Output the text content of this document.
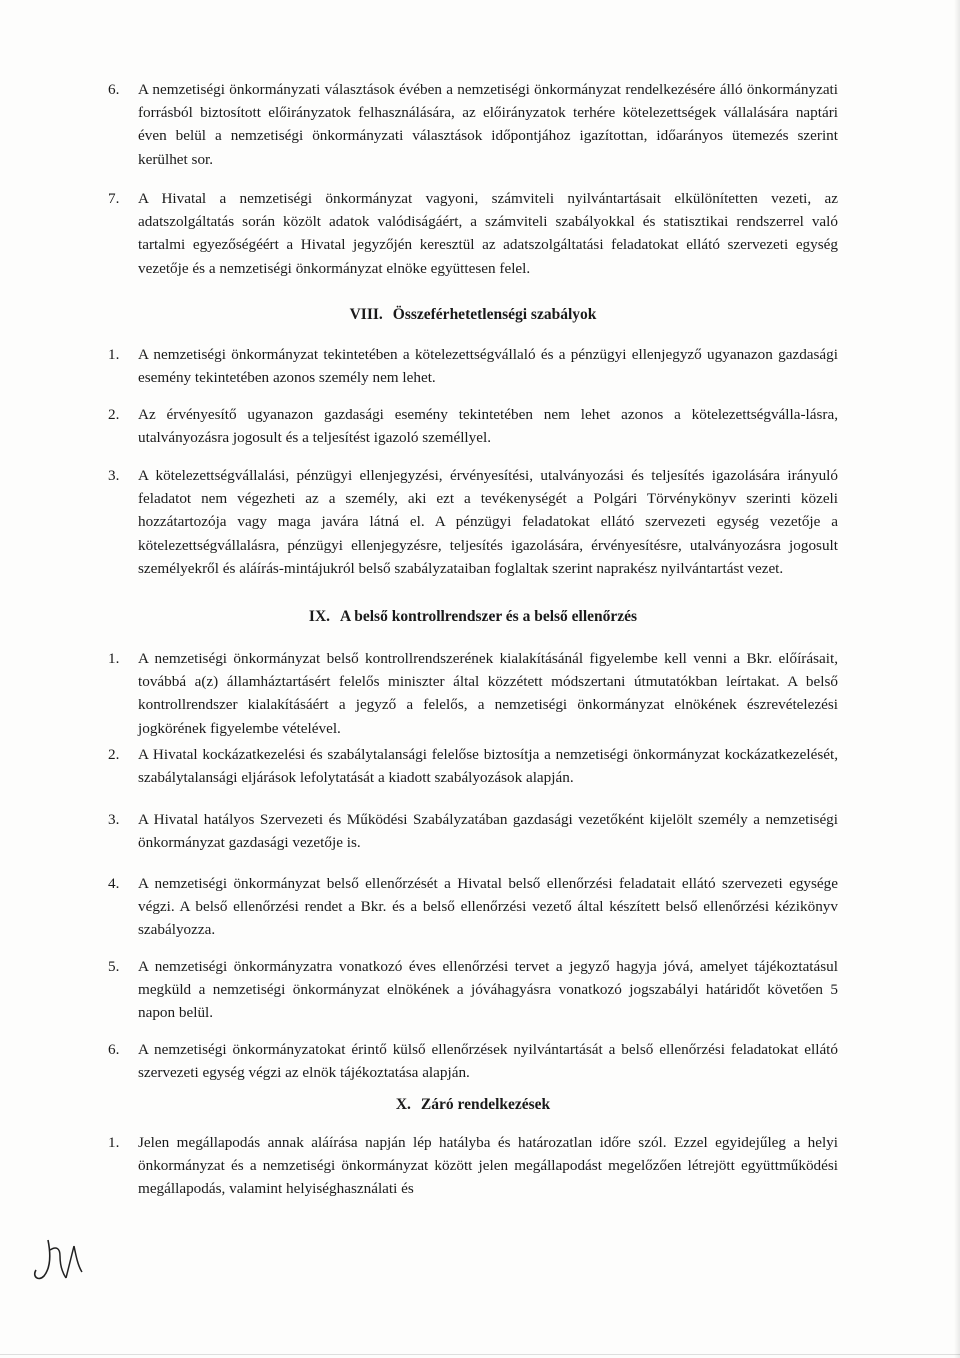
6.	A nemzetiségi önkormányzati választások évében a nemzetiségi önkormányzat rendelkezésére álló önkormányzati forrásból biztosított előirányzatok felhasználására, az előirányzatok terhére kötelezettségek vállalására naptári éven belül a nemzetiségi önkormányzati választások időpontjához igazítottan, időarányos ütemezés szerint kerülhet sor.
7.	A Hivatal a nemzetiségi önkormányzat vagyoni, számviteli nyilvántartásait elkülönítetten vezeti, az adatszolgáltatás során közölt adatok valódiságáért, a számviteli szabályokkal és statisztikai rendszerrel való tartalmi egyezőségéért a Hivatal jegyzőjén keresztül az adatszolgáltatási feladatokat ellátó szervezeti egység vezetője és a nemzetiségi önkormányzat elnöke együttesen felel.
VIII. Összeférhetetlenségi szabályok
1.	A nemzetiségi önkormányzat tekintetében a kötelezettségvállaló és a pénzügyi ellenjegyző ugyanazon gazdasági esemény tekintetében azonos személy nem lehet.
2.	Az érvényesítő ugyanazon gazdasági esemény tekintetében nem lehet azonos a kötelezettségválla-lásra, utalványozásra jogosult és a teljesítést igazoló személlyel.
3.	A kötelezettségvállalási, pénzügyi ellenjegyzési, érvényesítési, utalványozási és teljesítés igazolására irányuló feladatot nem végezheti az a személy, aki ezt a tevékenységét a Polgári Törvénykönyv szerinti közeli hozzátartozója vagy maga javára látná el. A pénzügyi feladatokat ellátó szervezeti egység vezetője a kötelezettségvállalásra, pénzügyi ellenjegyzésre, teljesítés igazolására, érvényesítésre, utalványozásra jogosult személyekről és aláírás-mintájukról belső szabályzataiban foglaltak szerint naprakész nyilvántartást vezet.
IX. A belső kontrollrendszer és a belső ellenőrzés
1.	A nemzetiségi önkormányzat belső kontrollrendszerének kialakításánál figyelembe kell venni a Bkr. előírásait, továbbá a(z) államháztartásért felelős miniszter által közzétett módszertani útmutatókban leírtakat. A belső kontrollrendszer kialakításáért a jegyző a felelős, a nemzetiségi önkormányzat elnökének észrevételezési jogkörének figyelembe vételével.
2.	A Hivatal kockázatkezelési és szabálytalansági felelőse biztosítja a nemzetiségi önkormányzat kockázatkezelését, szabálytalansági eljárások lefolytatását a kiadott szabályozások alapján.
3.	A Hivatal hatályos Szervezeti és Működési Szabályzatában gazdasági vezetőként kijelölt személy a nemzetiségi önkormányzat gazdasági vezetője is.
4.	A nemzetiségi önkormányzat belső ellenőrzését a Hivatal belső ellenőrzési feladatait ellátó szervezeti egysége végzi. A belső ellenőrzési rendet a Bkr. és a belső ellenőrzési vezető által készített belső ellenőrzési kézikönyv szabályozza.
5.	A nemzetiségi önkormányzatra vonatkozó éves ellenőrzési tervet a jegyző hagyja jóvá, amelyet tájékoztatásul megküld a nemzetiségi önkormányzat elnökének a jóváhagyásra vonatkozó jogszabályi határidőt követően 5 napon belül.
6.	A nemzetiségi önkormányzatokat érintő külső ellenőrzések nyilvántartását a belső ellenőrzési feladatokat ellátó szervezeti egység végzi az elnök tájékoztatása alapján.
X. Záró rendelkezések
1.	Jelen megállapodás annak aláírása napján lép hatályba és határozatlan időre szól. Ezzel egyidejűleg a helyi önkormányzat és a nemzetiségi önkormányzat között jelen megállapodást megelőzően létrejött együttműködési megállapodás, valamint helyiséghasználati és
